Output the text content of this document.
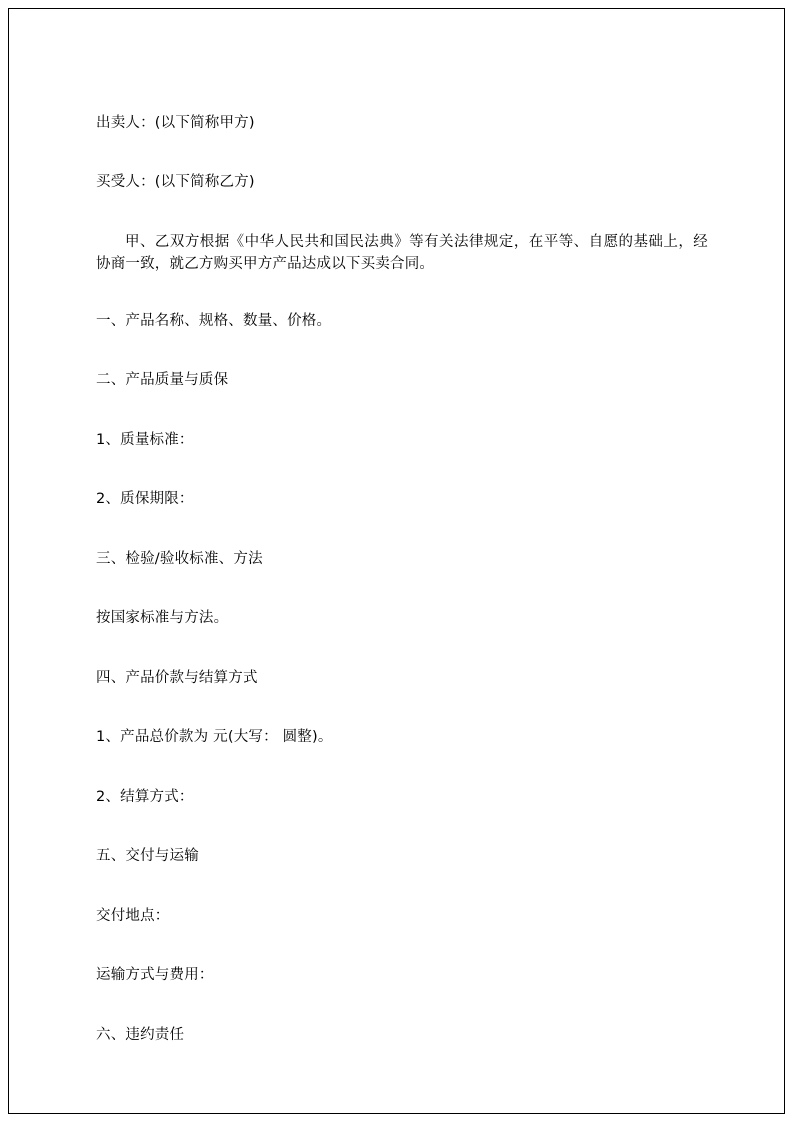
出卖人：(以下简称甲方)

买受人：(以下简称乙方)

甲、乙双方根据《中华人民共和国民法典》等有关法律规定，在平等、自愿的基础上，经协商一致，就乙方购买甲方产品达成以下买卖合同。

一、产品名称、规格、数量、价格。

二、产品质量与质保

1、质量标准：

2、质保期限：

三、检验/验收标准、方法

按国家标准与方法。

四、产品价款与结算方式

1、产品总价款为 元(大写： 圆整)。

2、结算方式：

五、交付与运输

交付地点：

运输方式与费用：

六、违约责任
